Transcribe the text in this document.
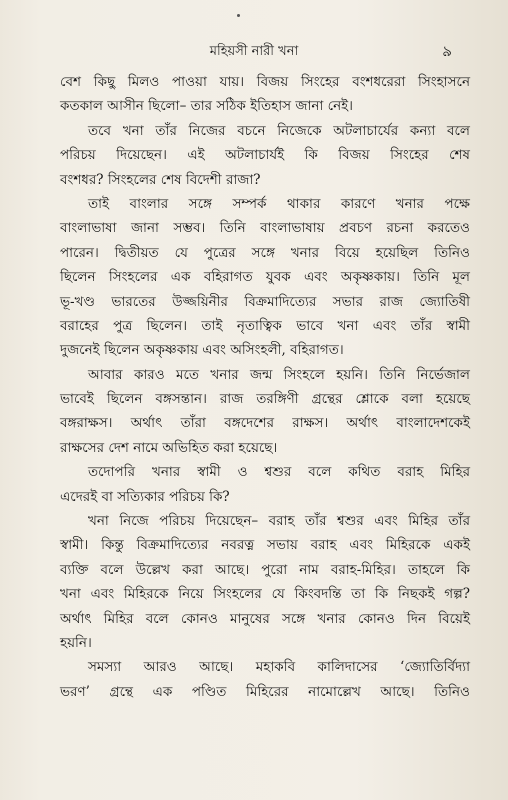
মহিয়সী নারী খনা	৯
বেশ কিছু মিলও পাওয়া যায়। বিজয় সিংহের বংশধরেরা সিংহাসনে
কতকাল আসীন ছিলো– তার সঠিক ইতিহাস জানা নেই।
তবে খনা তাঁর নিজের বচনে নিজেকে অটলাচার্যের কন্যা বলে
পরিচয় দিয়েছেন। এই অটলাচার্যই কি বিজয় সিংহের শেষ
বংশধর? সিংহলের শেষ বিদেশী রাজা?
তাই বাংলার সঙ্গে সম্পর্ক থাকার কারণে খনার পক্ষে
বাংলাভাষা জানা সম্ভব। তিনি বাংলাভাষায় প্রবচণ রচনা করতেও
পারেন। দ্বিতীয়ত যে পুত্রের সঙ্গে খনার বিয়ে হয়েছিল তিনিও
ছিলেন সিংহলের এক বহিরাগত যুবক এবং অকৃষ্ণকায়। তিনি মূল
ভূ-খণ্ড ভারতের উজ্জয়িনীর বিক্রমাদিত্যের সভার রাজ জ্যোতিষী
বরাহের পুত্র ছিলেন। তাই নৃতাত্বিক ভাবে খনা এবং তাঁর স্বামী
দুজনেই ছিলেন অকৃষ্ণকায় এবং অসিংহলী, বহিরাগত।
আবার কারও মতে খনার জন্ম সিংহলে হয়নি। তিনি নির্ভেজাল
ভাবেই ছিলেন বঙ্গসন্তান। রাজ তরঙ্গিণী গ্রন্থের শ্লোকে বলা হয়েছে
বঙ্গরাক্ষস। অর্থাৎ তাঁরা বঙ্গদেশের রাক্ষস। অর্থাৎ বাংলাদেশকেই
রাক্ষসের দেশ নামে অভিহিত করা হয়েছে।
তদোপরি খনার স্বামী ও শ্বশুর বলে কথিত বরাহ মিহির
এদেরই বা সত্যিকার পরিচয় কি?
খনা নিজে পরিচয় দিয়েছেন– বরাহ তাঁর শ্বশুর এবং মিহির তাঁর
স্বামী। কিন্তু বিক্রমাদিত্যের নবরত্ন সভায় বরাহ এবং মিহিরকে একই
ব্যক্তি বলে উল্লেখ করা আছে। পুরো নাম বরাহ-মিহির। তাহলে কি
খনা এবং মিহিরকে নিয়ে সিংহলের যে কিংবদন্তি তা কি নিছকই গল্প?
অর্থাৎ মিহির বলে কোনও মানুষের সঙ্গে খনার কোনও দিন বিয়েই
হয়নি।
সমস্যা আরও আছে। মহাকবি কালিদাসের ‘জ্যোতির্বিদ্যা
ভরণ’ গ্রন্থে এক পণ্ডিত মিহিরের নামোল্লেখ আছে। তিনিও
